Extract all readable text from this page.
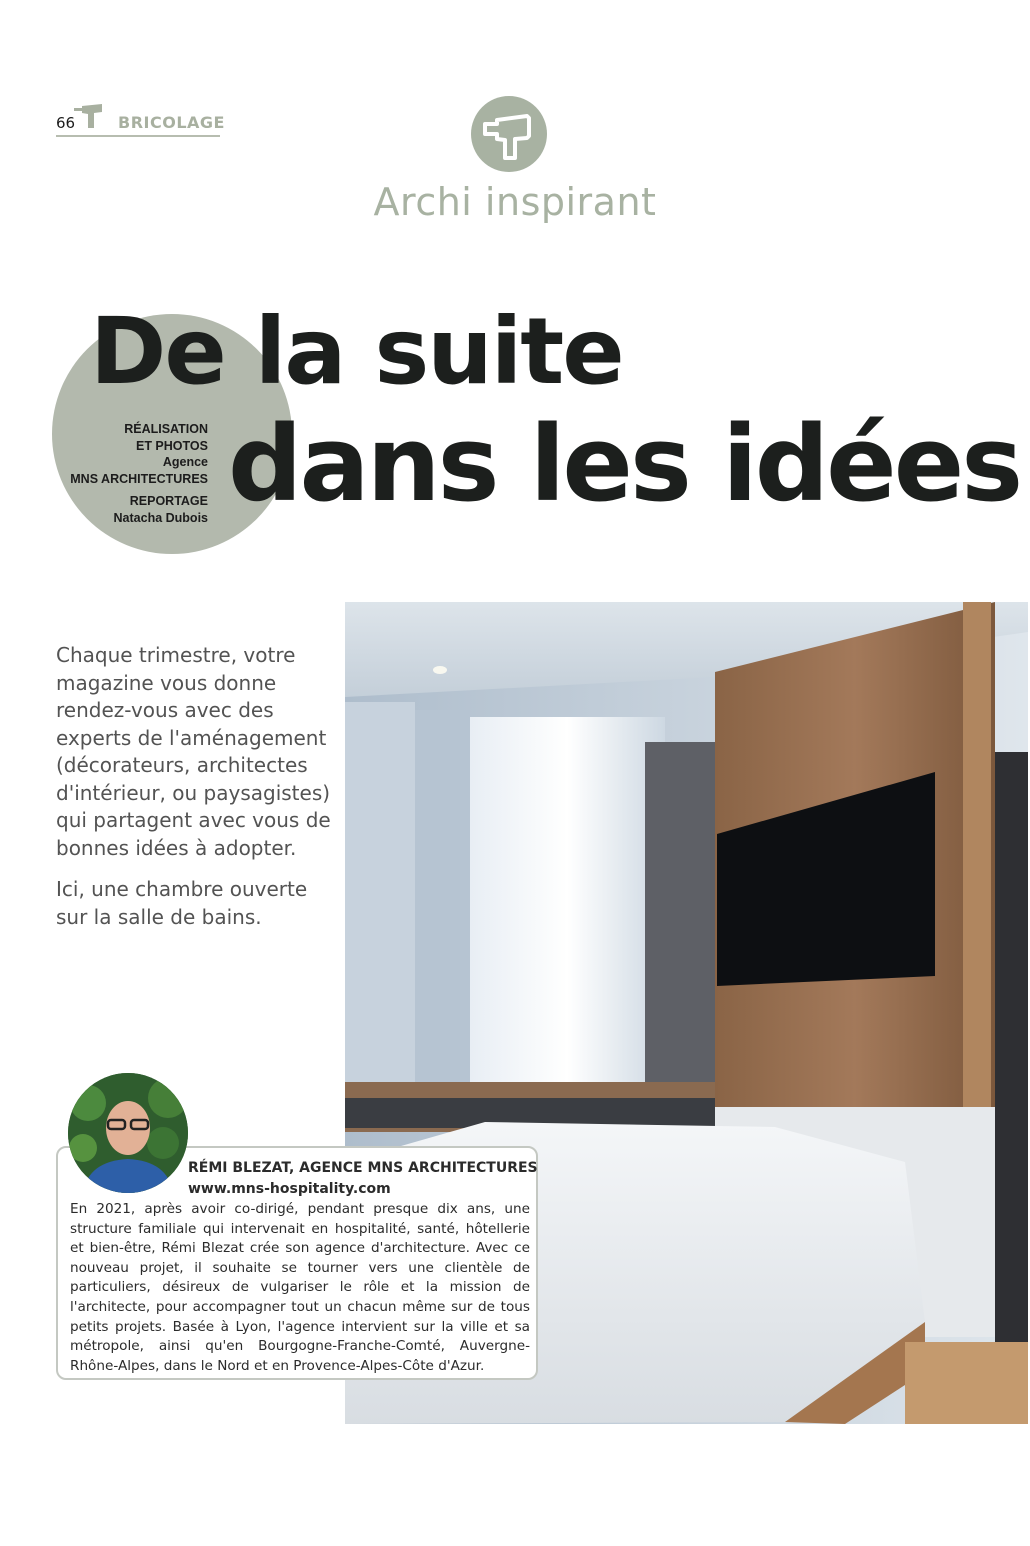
66	BRICOLAGE
Archi inspirant
De la suite
dans les idées
RÉALISATION
ET PHOTOS
Agence
MNS ARCHITECTURES
REPORTAGE
Natacha Dubois

Chaque trimestre, votre magazine vous donne rendez-vous avec des experts de l'aménagement (décorateurs, architectes d'intérieur, ou paysagistes) qui partagent avec vous de bonnes idées à adopter.

Ici, une chambre ouverte sur la salle de bains.

RÉMI BLEZAT, AGENCE MNS ARCHITECTURES
www.mns-hospitality.com
En 2021, après avoir co-dirigé, pendant presque dix ans, une structure familiale qui intervenait en hospitalité, santé, hôtellerie et bien-être, Rémi Blezat crée son agence d'architecture. Avec ce nouveau projet, il souhaite se tourner vers une clientèle de particuliers, désireux de vulgariser le rôle et la mission de l'architecte, pour accompagner tout un chacun même sur de tous petits projets. Basée à Lyon, l'agence intervient sur la ville et sa métropole, ainsi qu'en Bourgogne-Franche-Comté, Auvergne-Rhône-Alpes, dans le Nord et en Provence-Alpes-Côte d'Azur.
